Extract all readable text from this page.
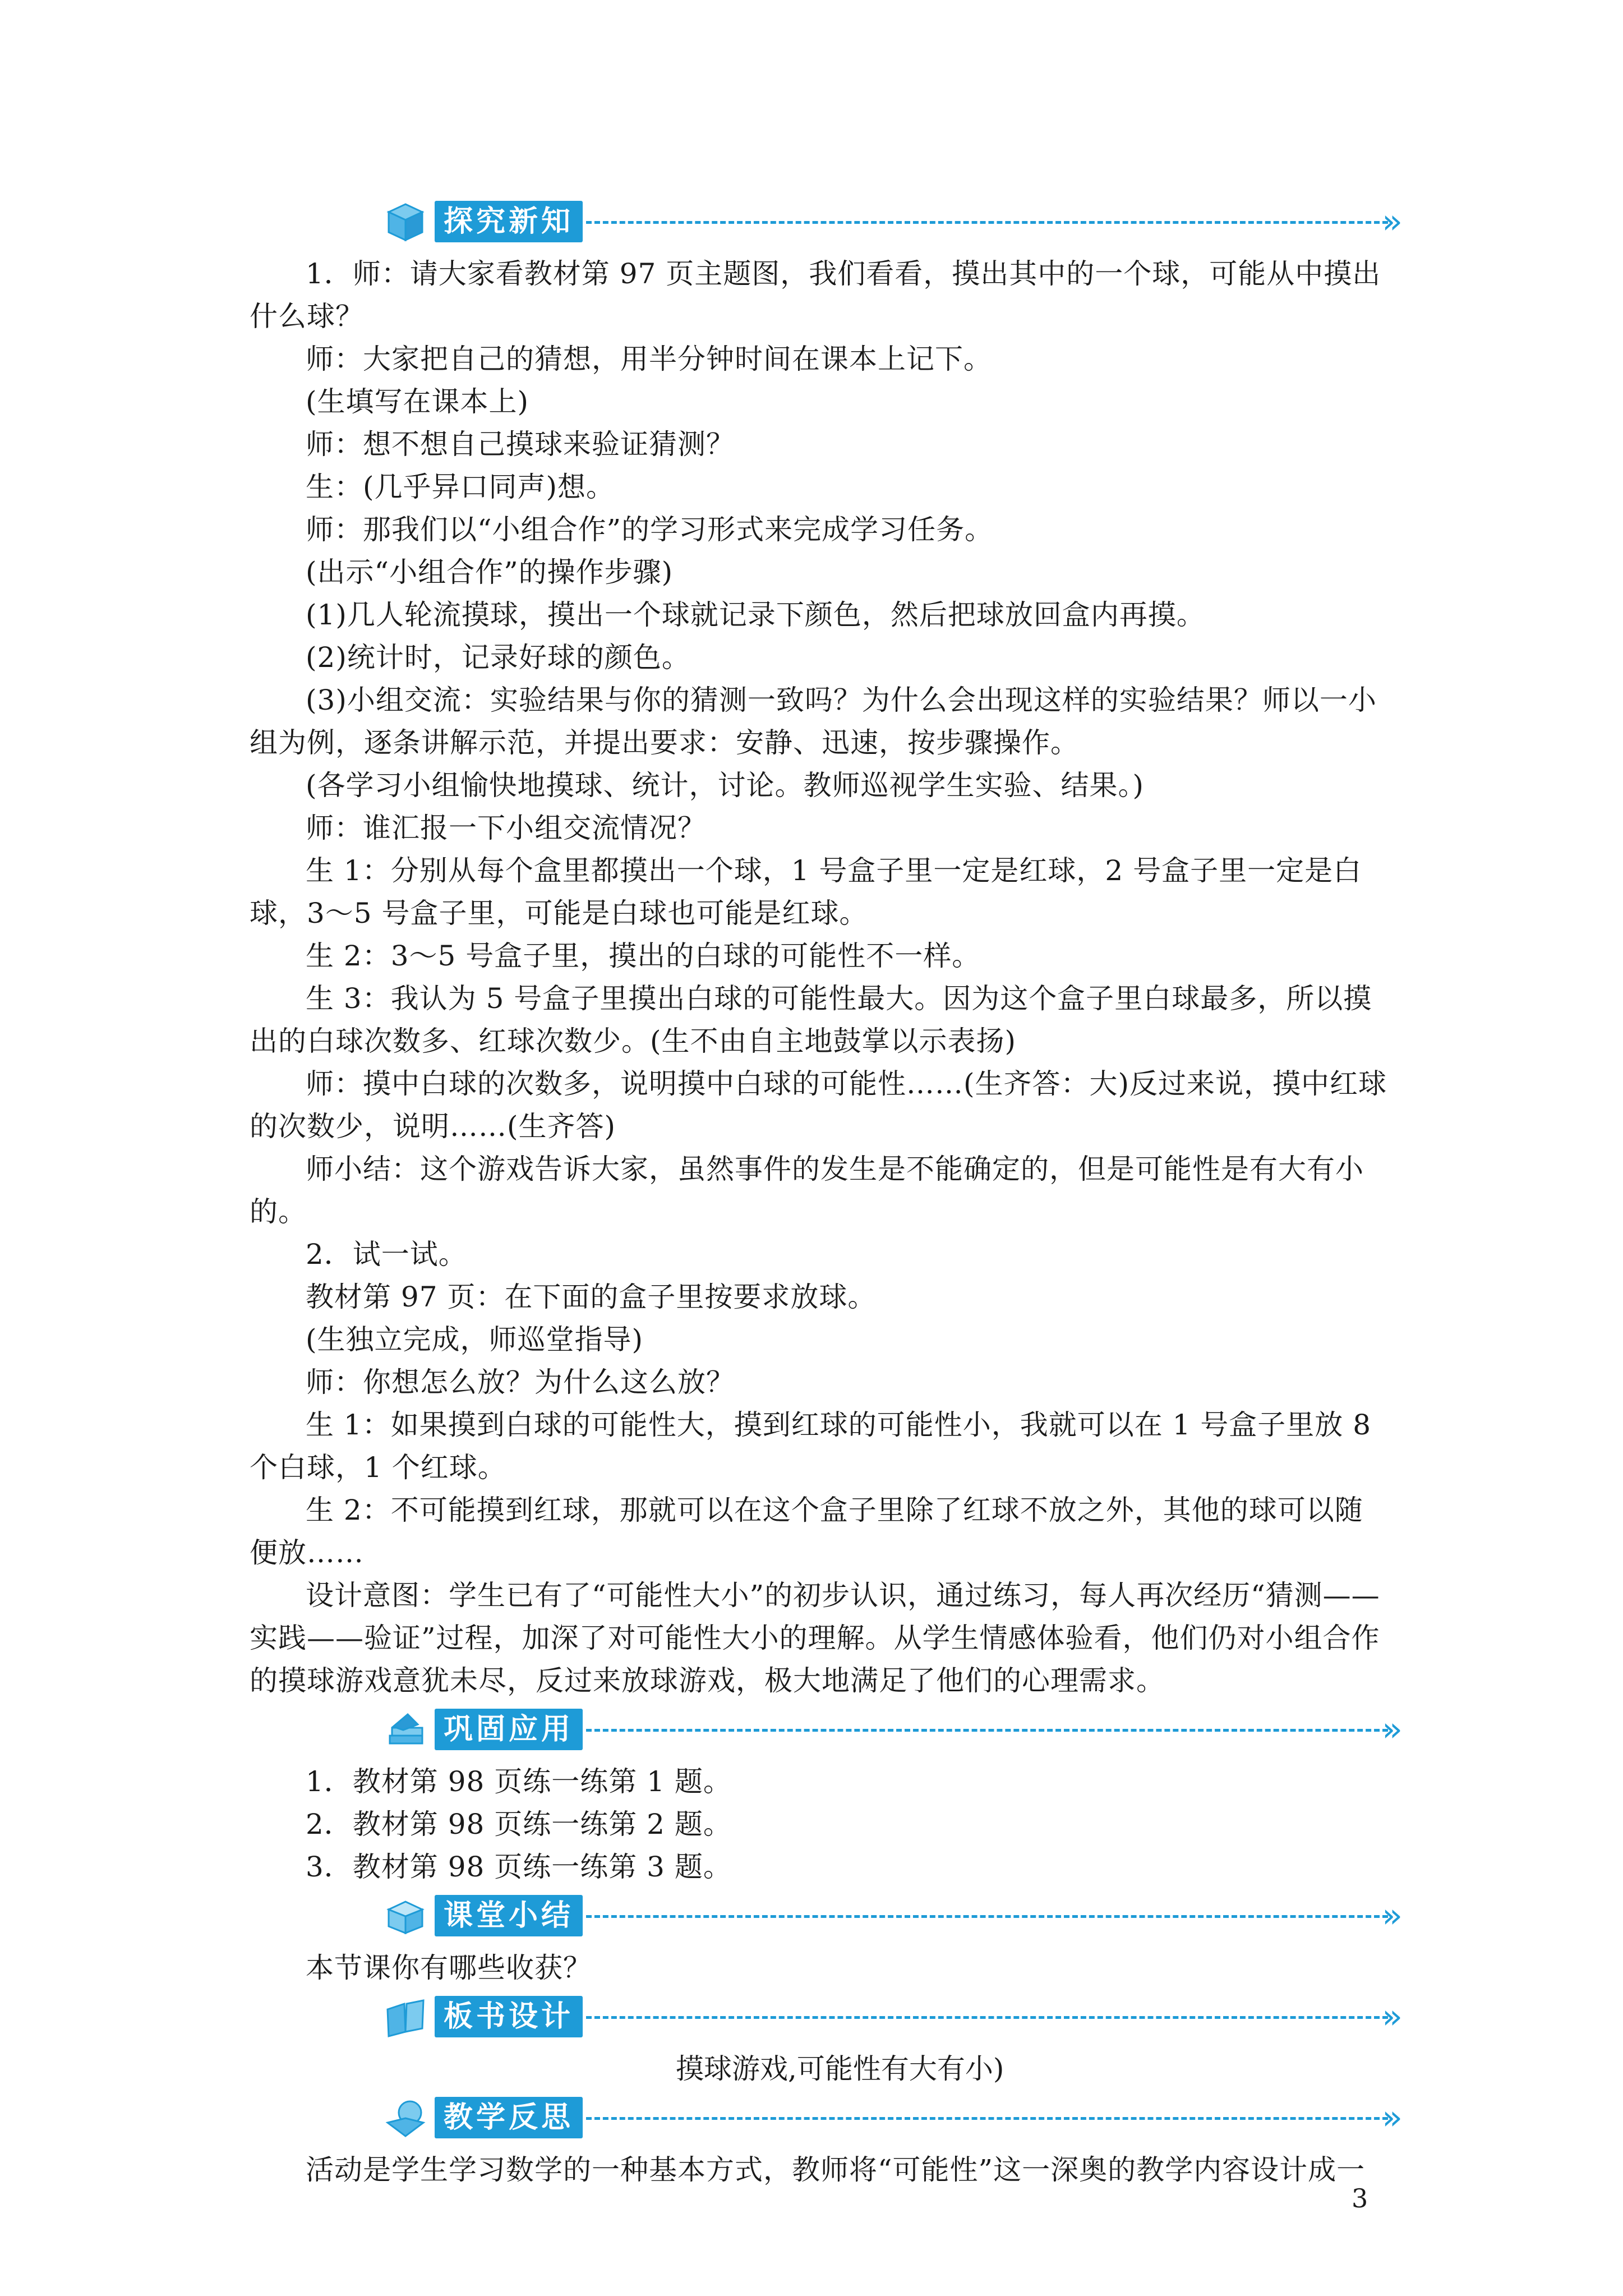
探究新知	»

1．师：请大家看教材第 97 页主题图，我们看看，摸出其中的一个球，可能从中摸出什么球？

师：大家把自己的猜想，用半分钟时间在课本上记下。

(生填写在课本上)

师：想不想自己摸球来验证猜测？

生：(几乎异口同声)想。

师：那我们以“小组合作”的学习形式来完成学习任务。

(出示“小组合作”的操作步骤)

(1)几人轮流摸球，摸出一个球就记录下颜色，然后把球放回盒内再摸。

(2)统计时，记录好球的颜色。

(3)小组交流：实验结果与你的猜测一致吗？为什么会出现这样的实验结果？师以一小组为例，逐条讲解示范，并提出要求：安静、迅速，按步骤操作。

(各学习小组愉快地摸球、统计，讨论。教师巡视学生实验、结果。)

师：谁汇报一下小组交流情况？

生 1：分别从每个盒里都摸出一个球，1 号盒子里一定是红球，2 号盒子里一定是白球，3～5 号盒子里，可能是白球也可能是红球。

生 2：3～5 号盒子里，摸出的白球的可能性不一样。

生 3：我认为 5 号盒子里摸出白球的可能性最大。因为这个盒子里白球最多，所以摸出的白球次数多、红球次数少。(生不由自主地鼓掌以示表扬)

师：摸中白球的次数多，说明摸中白球的可能性……(生齐答：大)反过来说，摸中红球的次数少，说明……(生齐答)

师小结：这个游戏告诉大家，虽然事件的发生是不能确定的，但是可能性是有大有小的。

2．试一试。

教材第 97 页：在下面的盒子里按要求放球。

(生独立完成，师巡堂指导)

师：你想怎么放？为什么这么放？

生 1：如果摸到白球的可能性大，摸到红球的可能性小，我就可以在 1 号盒子里放 8 个白球，1 个红球。

生 2：不可能摸到红球，那就可以在这个盒子里除了红球不放之外，其他的球可以随便放……

设计意图：学生已有了“可能性大小”的初步认识，通过练习，每人再次经历“猜测——实践——验证”过程，加深了对可能性大小的理解。从学生情感体验看，他们仍对小组合作的摸球游戏意犹未尽，反过来放球游戏，极大地满足了他们的心理需求。

巩固应用	»

1．教材第 98 页练一练第 1 题。

2．教材第 98 页练一练第 2 题。

3．教材第 98 页练一练第 3 题。

课堂小结	»

本节课你有哪些收获？

板书设计	»

摸球游戏,可能性有大有小)

教学反思	»

活动是学生学习数学的一种基本方式，教师将“可能性”这一深奥的教学内容设计成一

3
